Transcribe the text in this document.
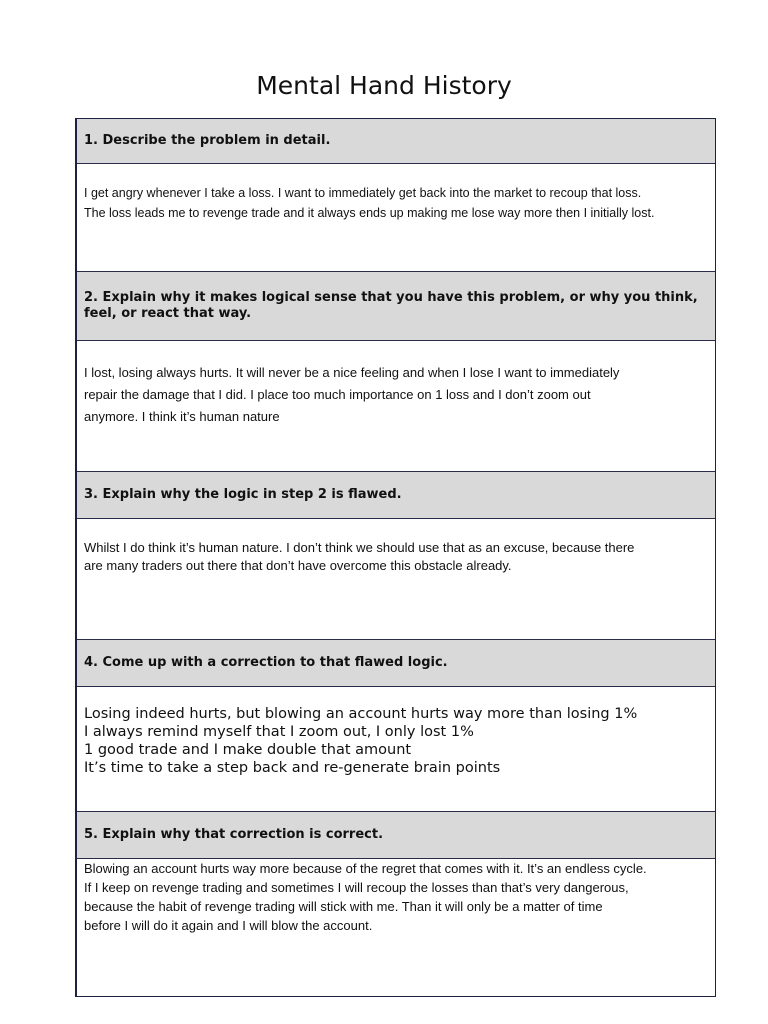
Mental Hand History
1. Describe the problem in detail.
I get angry whenever I take a loss. I want to immediately get back into the market to recoup that loss.
The loss leads me to revenge trade and it always ends up making me lose way more then I initially lost.
2. Explain why it makes logical sense that you have this problem, or why you think, feel, or react that way.
I lost, losing always hurts. It will never be a nice feeling and when I lose I want to immediately
repair the damage that I did. I place too much importance on 1 loss and I don’t zoom out
anymore. I think it’s human nature
3. Explain why the logic in step 2 is flawed.
Whilst I do think it’s human nature. I don’t think we should use that as an excuse, because there
are many traders out there that don’t have overcome this obstacle already.
4. Come up with a correction to that flawed logic.
Losing indeed hurts, but blowing an account hurts way more than losing 1%
I always remind myself that I zoom out, I only lost 1%
1 good trade and I make double that amount
It’s time to take a step back and re-generate brain points
5. Explain why that correction is correct.
Blowing an account hurts way more because of the regret that comes with it. It’s an endless cycle.
If I keep on revenge trading and sometimes I will recoup the losses than that’s very dangerous,
because the habit of revenge trading will stick with me. Than it will only be a matter of time
before I will do it again and I will blow the account.
